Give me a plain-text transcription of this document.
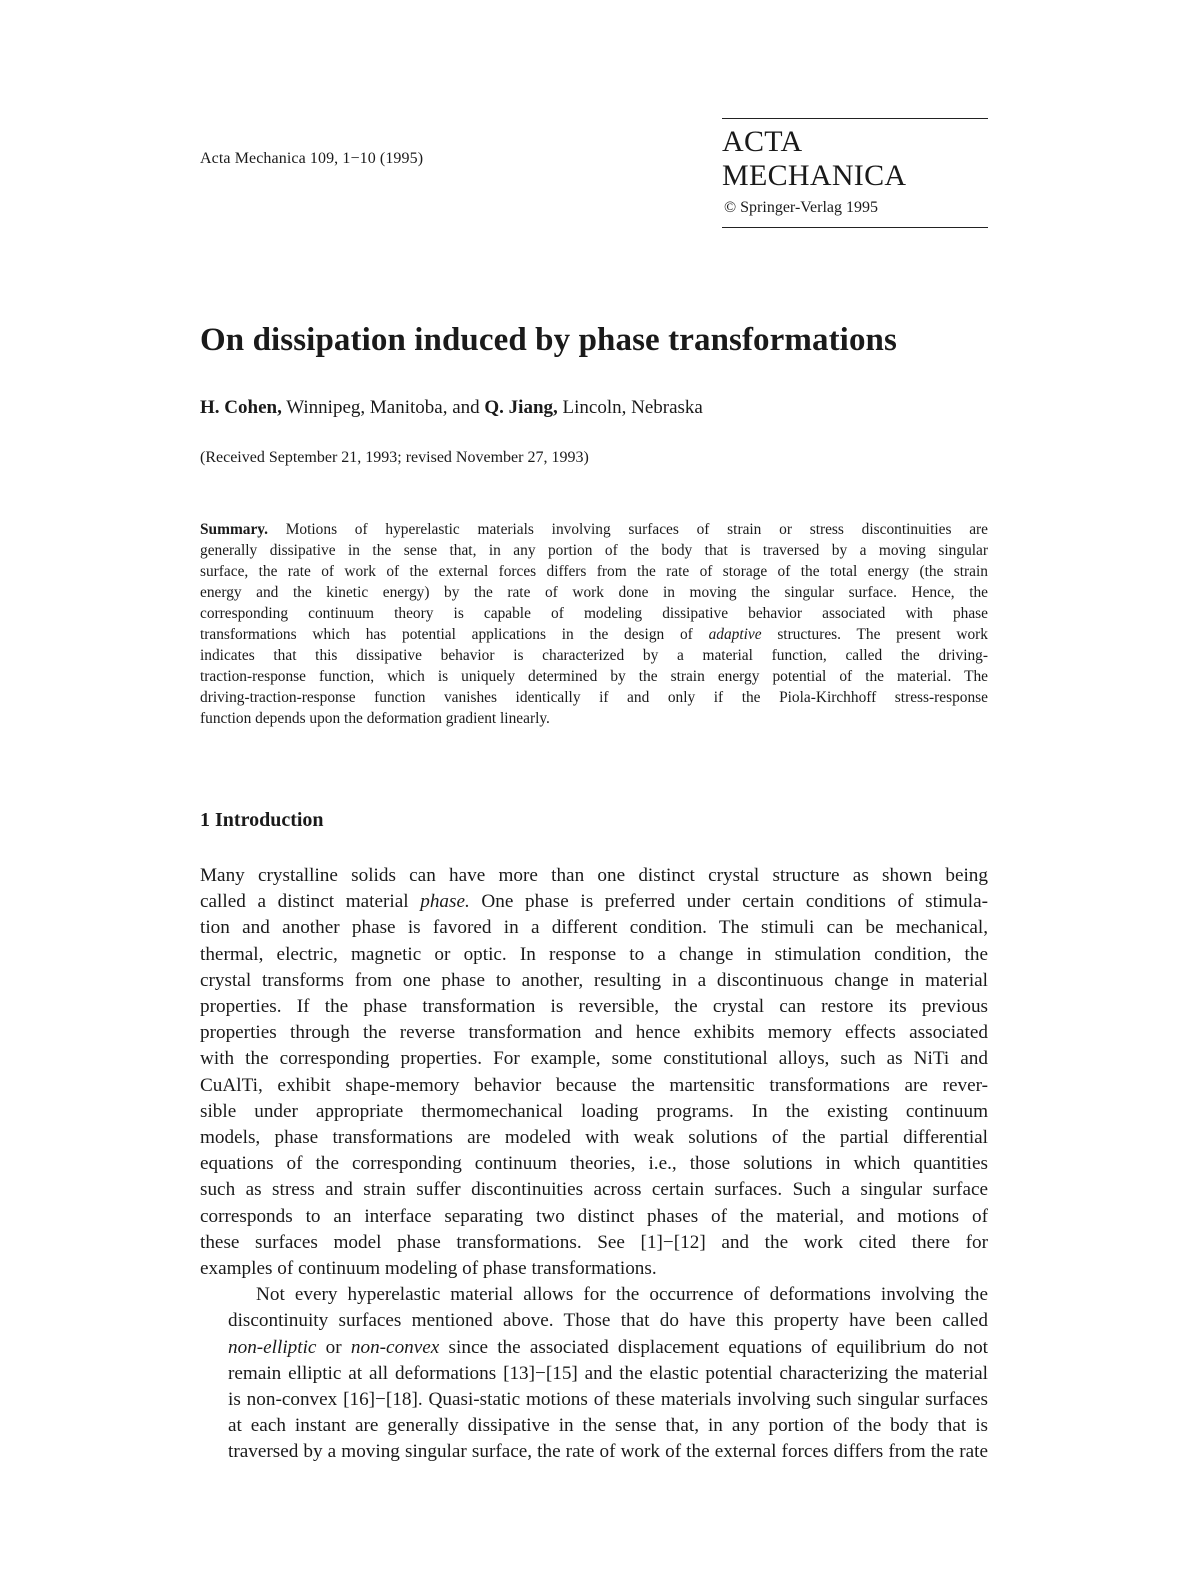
Acta Mechanica 109, 1−10 (1995)
ACTA MECHANICA
© Springer-Verlag 1995
On dissipation induced by phase transformations
H. Cohen, Winnipeg, Manitoba, and Q. Jiang, Lincoln, Nebraska
(Received September 21, 1993; revised November 27, 1993)
Summary. Motions of hyperelastic materials involving surfaces of strain or stress discontinuities are
generally dissipative in the sense that, in any portion of the body that is traversed by a moving singular
surface, the rate of work of the external forces differs from the rate of storage of the total energy (the strain
energy and the kinetic energy) by the rate of work done in moving the singular surface. Hence, the
corresponding continuum theory is capable of modeling dissipative behavior associated with phase
transformations which has potential applications in the design of adaptive structures. The present work
indicates that this dissipative behavior is characterized by a material function, called the driving-
traction-response function, which is uniquely determined by the strain energy potential of the material. The
driving-traction-response function vanishes identically if and only if the Piola-Kirchhoff stress-response
function depends upon the deformation gradient linearly.
1 Introduction

Many crystalline solids can have more than one distinct crystal structure as shown being
called a distinct material phase. One phase is preferred under certain conditions of stimula-
tion and another phase is favored in a different condition. The stimuli can be mechanical,
thermal, electric, magnetic or optic. In response to a change in stimulation condition, the
crystal transforms from one phase to another, resulting in a discontinuous change in material
properties. If the phase transformation is reversible, the crystal can restore its previous
properties through the reverse transformation and hence exhibits memory effects associated
with the corresponding properties. For example, some constitutional alloys, such as NiTi and
CuAlTi, exhibit shape-memory behavior because the martensitic transformations are rever-
sible under appropriate thermomechanical loading programs. In the existing continuum
models, phase transformations are modeled with weak solutions of the partial differential
equations of the corresponding continuum theories, i.e., those solutions in which quantities
such as stress and strain suffer discontinuities across certain surfaces. Such a singular surface
corresponds to an interface separating two distinct phases of the material, and motions of
these surfaces model phase transformations. See [1]−[12] and the work cited there for
examples of continuum modeling of phase transformations.

Not every hyperelastic material allows for the occurrence of deformations involving the
discontinuity surfaces mentioned above. Those that do have this property have been called
non-elliptic or non-convex since the associated displacement equations of equilibrium do not
remain elliptic at all deformations [13]−[15] and the elastic potential characterizing the material
is non-convex [16]−[18]. Quasi-static motions of these materials involving such singular surfaces
at each instant are generally dissipative in the sense that, in any portion of the body that is
traversed by a moving singular surface, the rate of work of the external forces differs from the rate
